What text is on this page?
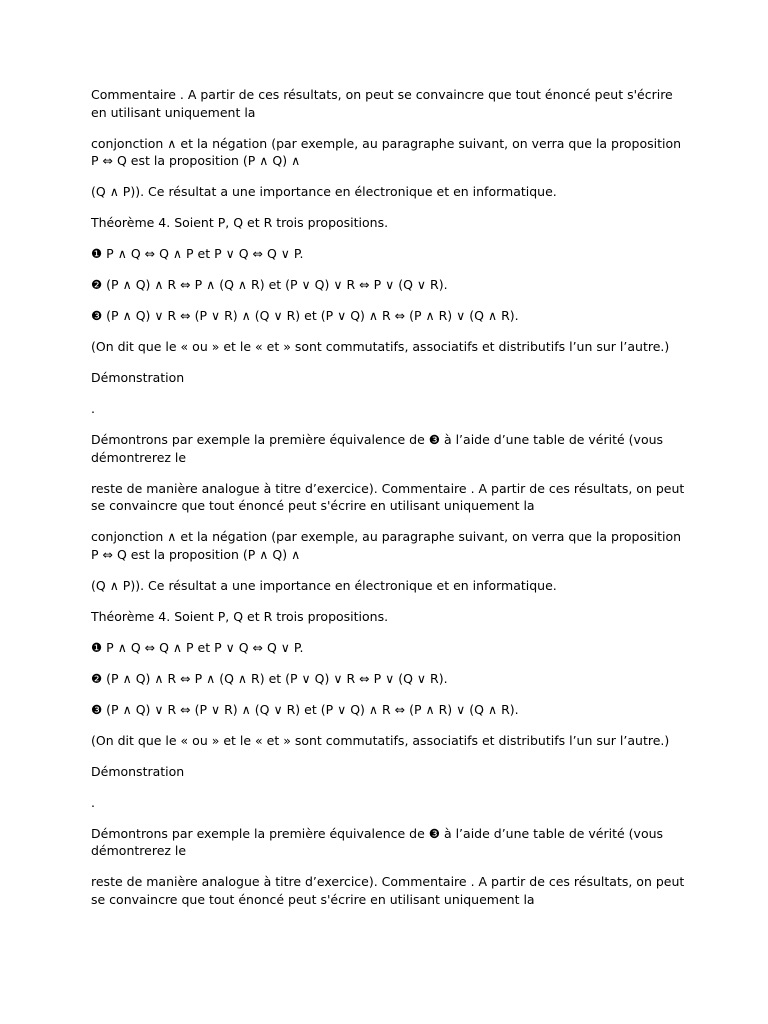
Commentaire . A partir de ces résultats, on peut se convaincre que tout énoncé peut s'écrire en utilisant uniquement la

conjonction ∧ et la négation (par exemple, au paragraphe suivant, on verra que la proposition P ⇔ Q est la proposition (P ∧ Q) ∧

(Q ∧ P)). Ce résultat a une importance en électronique et en informatique.

Théorème 4. Soient P, Q et R trois propositions.

❶ P ∧ Q ⇔ Q ∧ P et P ∨ Q ⇔ Q ∨ P.

❷ (P ∧ Q) ∧ R ⇔ P ∧ (Q ∧ R) et (P ∨ Q) ∨ R ⇔ P ∨ (Q ∨ R).

❸ (P ∧ Q) ∨ R ⇔ (P ∨ R) ∧ (Q ∨ R) et (P ∨ Q) ∧ R ⇔ (P ∧ R) ∨ (Q ∧ R).

(On dit que le « ou » et le « et » sont commutatifs, associatifs et distributifs l’un sur l’autre.)

Démonstration

.

Démontrons par exemple la première équivalence de ❸ à l’aide d’une table de vérité (vous démontrerez le

reste de manière analogue à titre d’exercice). Commentaire . A partir de ces résultats, on peut se convaincre que tout énoncé peut s'écrire en utilisant uniquement la

conjonction ∧ et la négation (par exemple, au paragraphe suivant, on verra que la proposition P ⇔ Q est la proposition (P ∧ Q) ∧

(Q ∧ P)). Ce résultat a une importance en électronique et en informatique.

Théorème 4. Soient P, Q et R trois propositions.

❶ P ∧ Q ⇔ Q ∧ P et P ∨ Q ⇔ Q ∨ P.

❷ (P ∧ Q) ∧ R ⇔ P ∧ (Q ∧ R) et (P ∨ Q) ∨ R ⇔ P ∨ (Q ∨ R).

❸ (P ∧ Q) ∨ R ⇔ (P ∨ R) ∧ (Q ∨ R) et (P ∨ Q) ∧ R ⇔ (P ∧ R) ∨ (Q ∧ R).

(On dit que le « ou » et le « et » sont commutatifs, associatifs et distributifs l’un sur l’autre.)

Démonstration

.

Démontrons par exemple la première équivalence de ❸ à l’aide d’une table de vérité (vous démontrerez le

reste de manière analogue à titre d’exercice). Commentaire . A partir de ces résultats, on peut se convaincre que tout énoncé peut s'écrire en utilisant uniquement la
